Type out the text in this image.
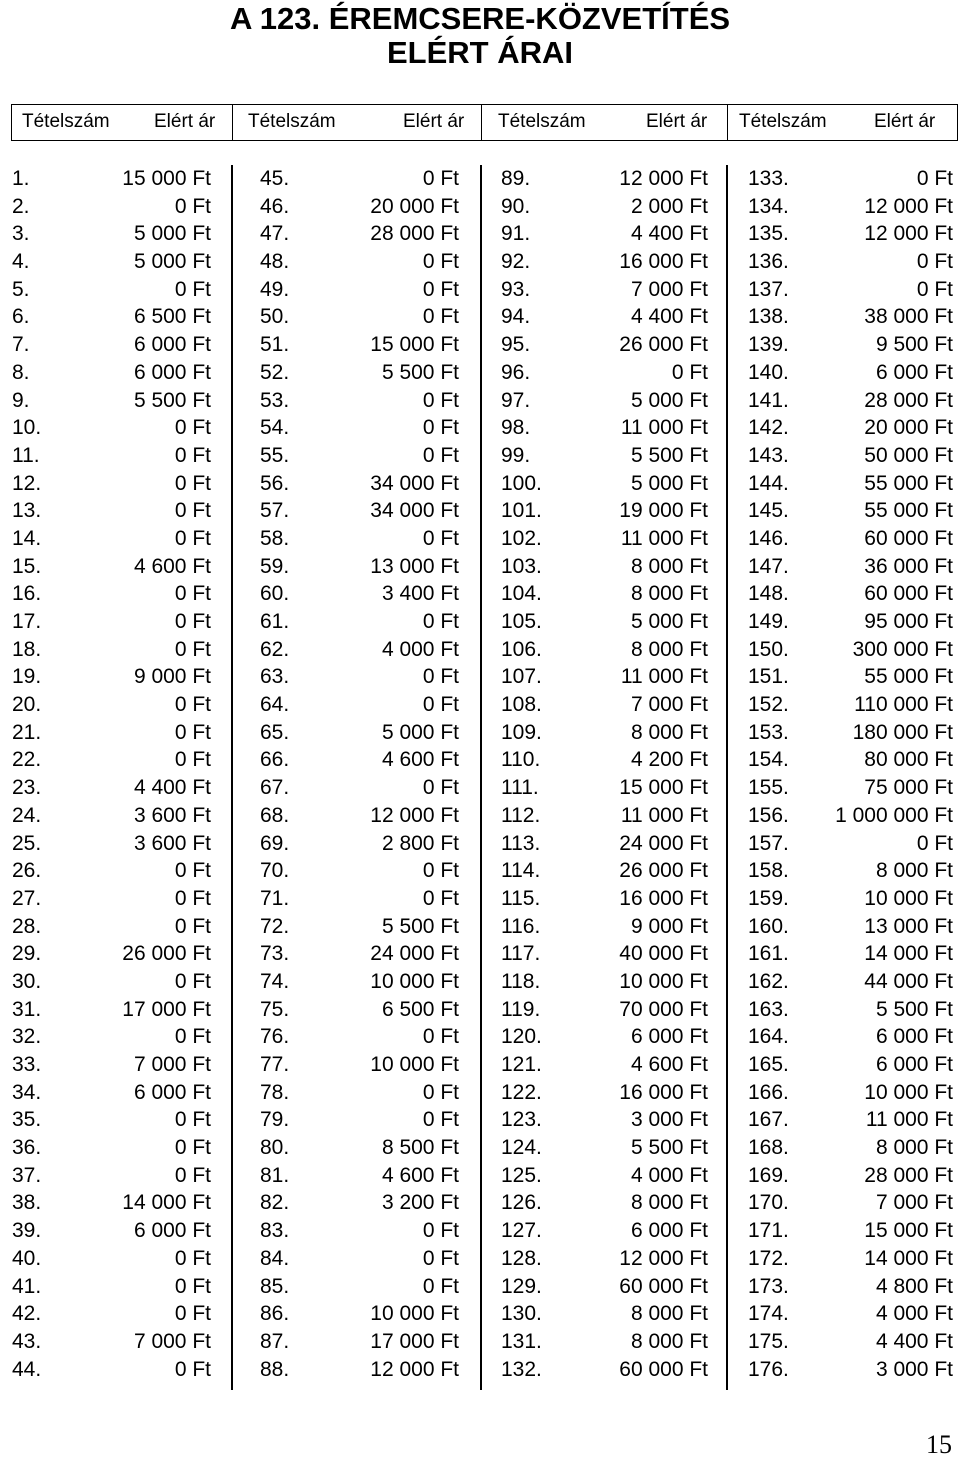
A 123. ÉREMCSERE-KÖZVETÍTÉS
ELÉRT ÁRAI
Tételszám Elért ár Tételszám	Elért ár Tételszám	Elért ár Tételszám Elért ár
1.	15 000 Ft
2.	0 Ft
3.	5 000 Ft
4.	5 000 Ft
5.	0 Ft
6.	6 500 Ft
7.	6 000 Ft
8.	6 000 Ft
9.	5 500 Ft
10.	0 Ft
11.	0 Ft
12.	0 Ft
13.	0 Ft
14.	0 Ft
15.	4 600 Ft
16.	0 Ft
17.	0 Ft
18.	0 Ft
19.	9 000 Ft
20.	0 Ft
21.	0 Ft
22.	0 Ft
23.	4 400 Ft
24.	3 600 Ft
25.	3 600 Ft
26.	0 Ft
27.	0 Ft
28.	0 Ft
29.	26 000 Ft
30.	0 Ft
31.	17 000 Ft
32.	0 Ft
33.	7 000 Ft
34.	6 000 Ft
35.	0 Ft
36.	0 Ft
37.	0 Ft
38.	14 000 Ft
39.	6 000 Ft
40.	0 Ft
41.	0 Ft
42.	0 Ft
43.	7 000 Ft
44.	0 Ft
45.	0 Ft
46.	20 000 Ft
47.	28 000 Ft
48.	0 Ft
49.	0 Ft
50.	0 Ft
51.	15 000 Ft
52.	5 500 Ft
53.	0 Ft
54.	0 Ft
55.	0 Ft
56.	34 000 Ft
57.	34 000 Ft
58.	0 Ft
59.	13 000 Ft
60.	3 400 Ft
61.	0 Ft
62.	4 000 Ft
63.	0 Ft
64.	0 Ft
65.	5 000 Ft
66.	4 600 Ft
67.	0 Ft
68.	12 000 Ft
69.	2 800 Ft
70.	0 Ft
71.	0 Ft
72.	5 500 Ft
73.	24 000 Ft
74.	10 000 Ft
75.	6 500 Ft
76.	0 Ft
77.	10 000 Ft
78.	0 Ft
79.	0 Ft
80.	8 500 Ft
81.	4 600 Ft
82.	3 200 Ft
83.	0 Ft
84.	0 Ft
85.	0 Ft
86.	10 000 Ft
87.	17 000 Ft
88.	12 000 Ft
89.	12 000 Ft
90.	2 000 Ft
91.	4 400 Ft
92.	16 000 Ft
93.	7 000 Ft
94.	4 400 Ft
95.	26 000 Ft
96.	0 Ft
97.	5 000 Ft
98.	11 000 Ft
99.	5 500 Ft
100.	5 000 Ft
101.	19 000 Ft
102.	11 000 Ft
103.	8 000 Ft
104.	8 000 Ft
105.	5 000 Ft
106.	8 000 Ft
107.	11 000 Ft
108.	7 000 Ft
109.	8 000 Ft
110.	4 200 Ft
111.	15 000 Ft
112.	11 000 Ft
113.	24 000 Ft
114.	26 000 Ft
115.	16 000 Ft
116.	9 000 Ft
117.	40 000 Ft
118.	10 000 Ft
119.	70 000 Ft
120.	6 000 Ft
121.	4 600 Ft
122.	16 000 Ft
123.	3 000 Ft
124.	5 500 Ft
125.	4 000 Ft
126.	8 000 Ft
127.	6 000 Ft
128.	12 000 Ft
129.	60 000 Ft
130.	8 000 Ft
131.	8 000 Ft
132.	60 000 Ft
133.	0 Ft
134.	12 000 Ft
135.	12 000 Ft
136.	0 Ft
137.	0 Ft
138.	38 000 Ft
139.	9 500 Ft
140.	6 000 Ft
141.	28 000 Ft
142.	20 000 Ft
143.	50 000 Ft
144.	55 000 Ft
145.	55 000 Ft
146.	60 000 Ft
147.	36 000 Ft
148.	60 000 Ft
149.	95 000 Ft
150.	300 000 Ft
151.	55 000 Ft
152.	110 000 Ft
153.	180 000 Ft
154.	80 000 Ft
155.	75 000 Ft
156. 1 000 000 Ft
157.	0 Ft
158.	8 000 Ft
159.	10 000 Ft
160.	13 000 Ft
161.	14 000 Ft
162.	44 000 Ft
163.	5 500 Ft
164.	6 000 Ft
165.	6 000 Ft
166.	10 000 Ft
167.	11 000 Ft
168.	8 000 Ft
169.	28 000 Ft
170.	7 000 Ft
171.	15 000 Ft
172.	14 000 Ft
173.	4 800 Ft
174.	4 000 Ft
175.	4 400 Ft
176.	3 000 Ft
15
